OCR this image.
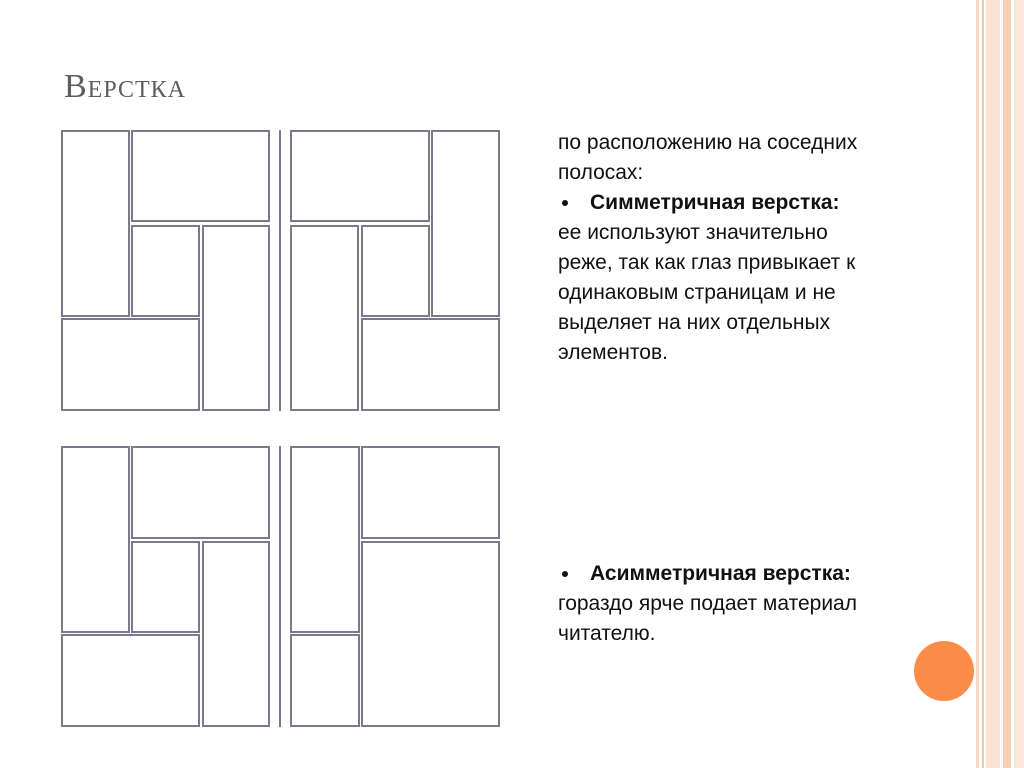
Верстка
по расположению на соседних
полосах:
Симметричная верстка:
ее используют значительно
реже, так как глаз привыкает к
одинаковым страницам и не
выделяет на них отдельных
элементов.
Асимметричная верстка:
гораздо ярче подает материал
читателю.
